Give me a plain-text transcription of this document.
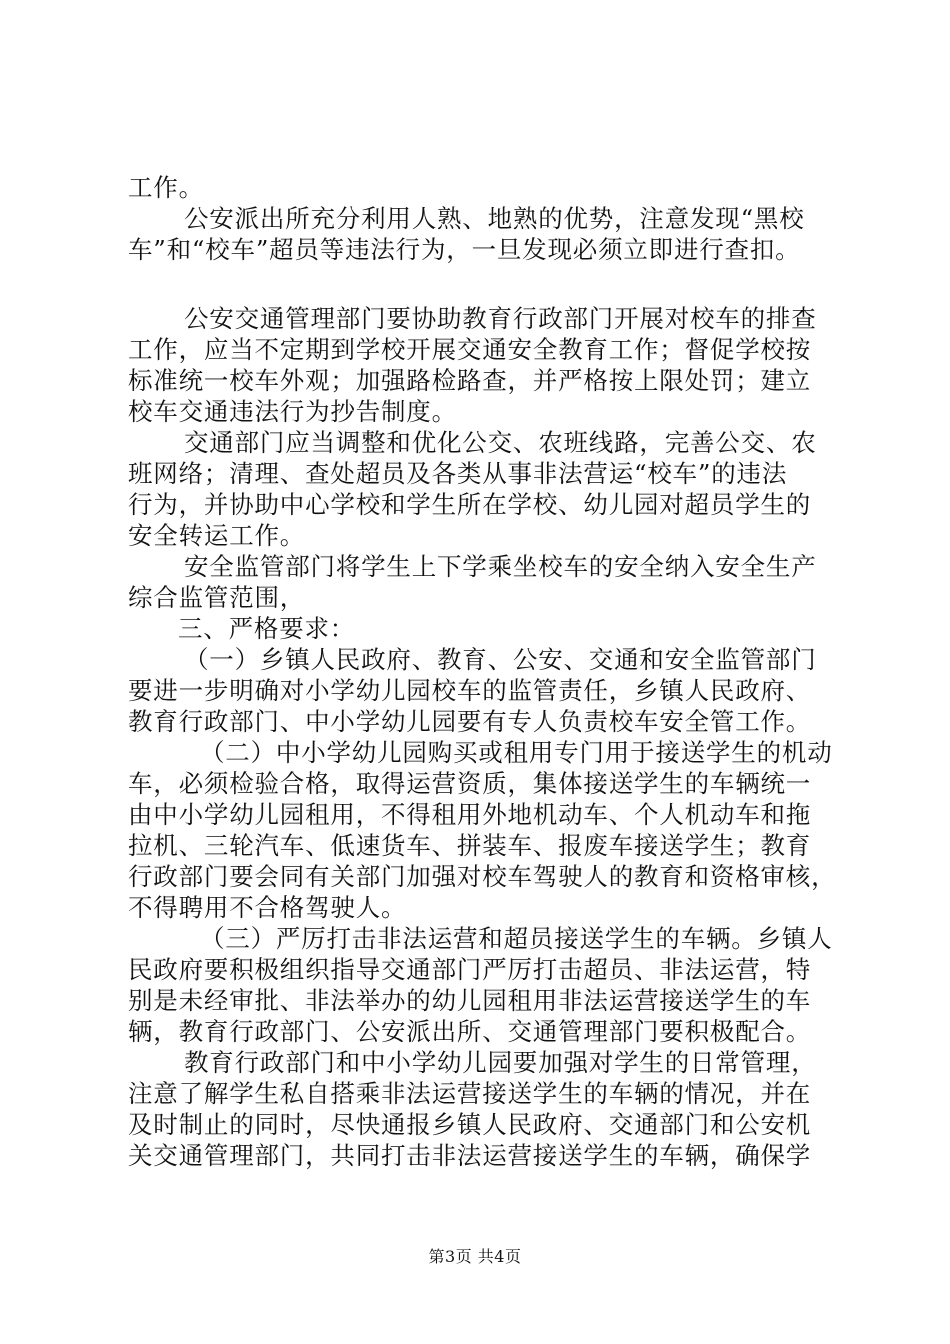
工作。
公安派出所充分利用人熟、地熟的优势，注意发现“黑校
车”和“校车”超员等违法行为，一旦发现必须立即进行查扣。
公安交通管理部门要协助教育行政部门开展对校车的排查
工作，应当不定期到学校开展交通安全教育工作；督促学校按
标准统一校车外观；加强路检路查，并严格按上限处罚；建立
校车交通违法行为抄告制度。
交通部门应当调整和优化公交、农班线路，完善公交、农
班网络；清理、查处超员及各类从事非法营运“校车”的违法
行为，并协助中心学校和学生所在学校、幼儿园对超员学生的
安全转运工作。
安全监管部门将学生上下学乘坐校车的安全纳入安全生产
综合监管范围，
三、严格要求：
（一）乡镇人民政府、教育、公安、交通和安全监管部门
要进一步明确对小学幼儿园校车的监管责任，乡镇人民政府、
教育行政部门、中小学幼儿园要有专人负责校车安全管工作。
（二）中小学幼儿园购买或租用专门用于接送学生的机动
车，必须检验合格，取得运营资质，集体接送学生的车辆统一
由中小学幼儿园租用，不得租用外地机动车、个人机动车和拖
拉机、三轮汽车、低速货车、拼装车、报废车接送学生；教育
行政部门要会同有关部门加强对校车驾驶人的教育和资格审核，
不得聘用不合格驾驶人。
（三）严厉打击非法运营和超员接送学生的车辆。乡镇人
民政府要积极组织指导交通部门严厉打击超员、非法运营，特
别是未经审批、非法举办的幼儿园租用非法运营接送学生的车
辆，教育行政部门、公安派出所、交通管理部门要积极配合。
教育行政部门和中小学幼儿园要加强对学生的日常管理，
注意了解学生私自搭乘非法运营接送学生的车辆的情况，并在
及时制止的同时，尽快通报乡镇人民政府、交通部门和公安机
关交通管理部门，共同打击非法运营接送学生的车辆，确保学
第3页 共4页
